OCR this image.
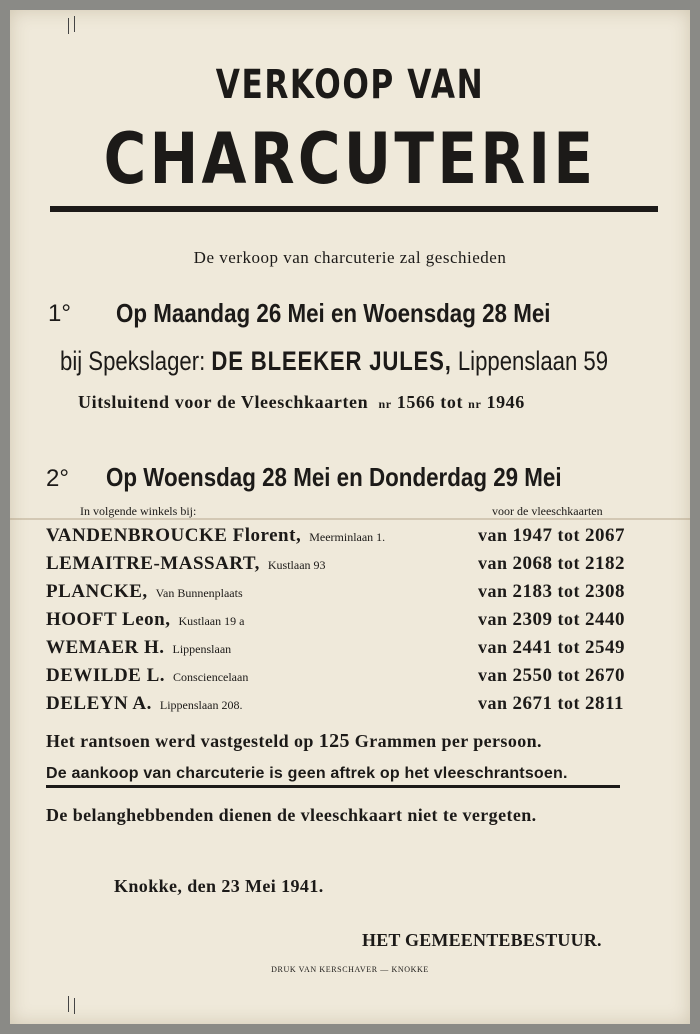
VERKOOP VAN
CHARCUTERIE
De verkoop van charcuterie zal geschieden
1° Op Maandag 26 Mei en Woensdag 28 Mei
bij Spekslager: DE BLEEKER JULES, Lippenslaan 59
Uitsluitend voor de Vleeschkaarten nr 1566 tot nr 1946
2° Op Woensdag 28 Mei en Donderdag 29 Mei
In volgende winkels bij:	voor de vleeschkaarten
VANDENBROUCKE Florent, Meerminlaan 1.	van 1947 tot 2067
LEMAITRE-MASSART, Kustlaan 93	van 2068 tot 2182
PLANCKE, Van Bunnenplaats	van 2183 tot 2308
HOOFT Leon, Kustlaan 19 a	van 2309 tot 2440
WEMAER H. Lippenslaan	van 2441 tot 2549
DEWILDE L. Consciencelaan	van 2550 tot 2670
DELEYN A. Lippenslaan 208.	van 2671 tot 2811
Het rantsoen werd vastgesteld op 125 Grammen per persoon.
De aankoop van charcuterie is geen aftrek op het vleeschrantsoen.
De belanghebbenden dienen de vleeschkaart niet te vergeten.
Knokke, den 23 Mei 1941.
HET GEMEENTEBESTUUR.
DRUK VAN KERSCHAVER — KNOKKE
